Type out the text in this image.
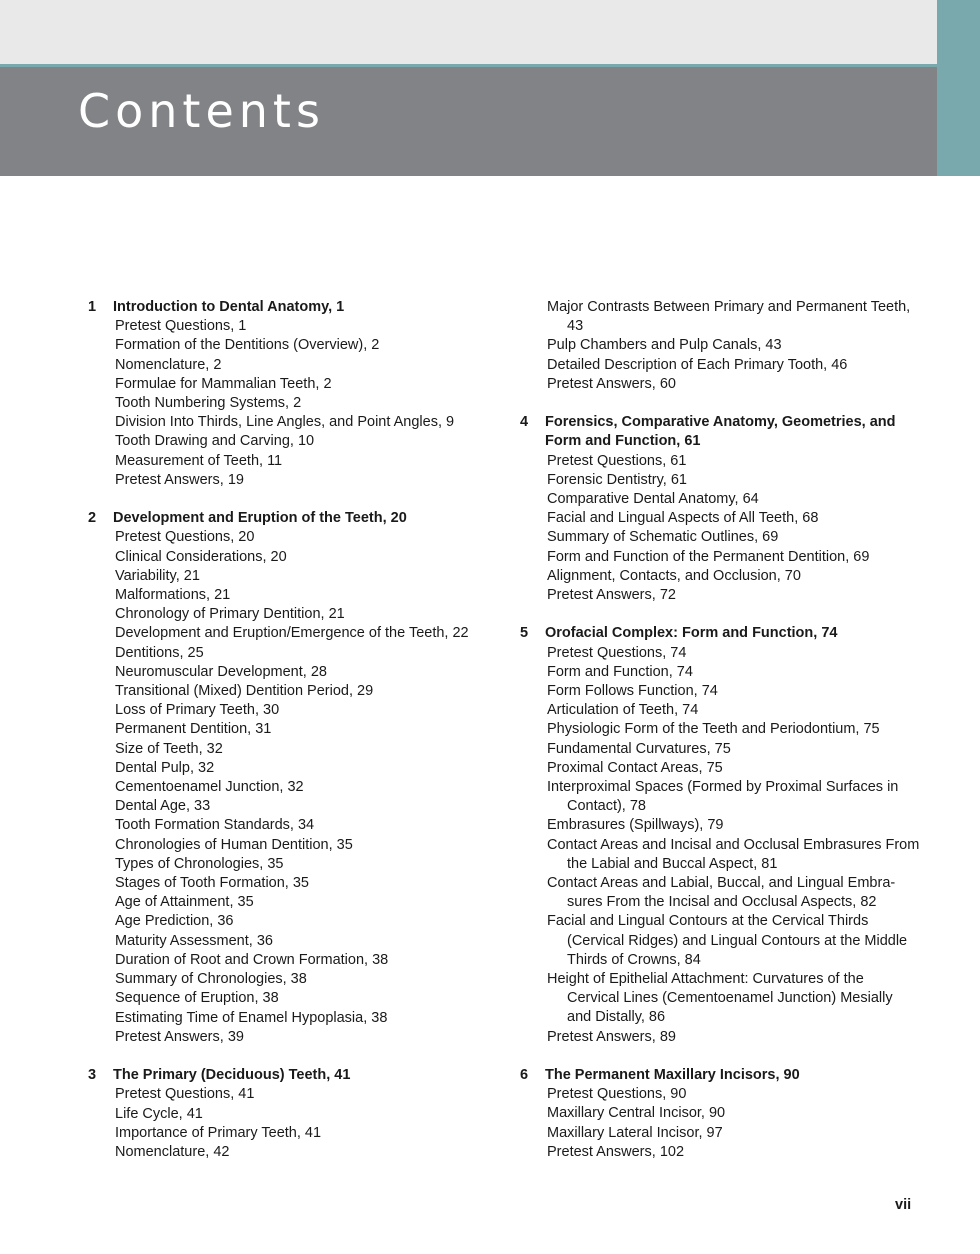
Contents
1	Introduction to Dental Anatomy, 1
Pretest Questions, 1
Formation of the Dentitions (Overview), 2
Nomenclature, 2
Formulae for Mammalian Teeth, 2
Tooth Numbering Systems, 2
Division Into Thirds, Line Angles, and Point Angles, 9
Tooth Drawing and Carving, 10
Measurement of Teeth, 11
Pretest Answers, 19
2	Development and Eruption of the Teeth, 20
Pretest Questions, 20
Clinical Considerations, 20
Variability, 21
Malformations, 21
Chronology of Primary Dentition, 21
Development and Eruption/Emergence of the Teeth, 22
Dentitions, 25
Neuromuscular Development, 28
Transitional (Mixed) Dentition Period, 29
Loss of Primary Teeth, 30
Permanent Dentition, 31
Size of Teeth, 32
Dental Pulp, 32
Cementoenamel Junction, 32
Dental Age, 33
Tooth Formation Standards, 34
Chronologies of Human Dentition, 35
Types of Chronologies, 35
Stages of Tooth Formation, 35
Age of Attainment, 35
Age Prediction, 36
Maturity Assessment, 36
Duration of Root and Crown Formation, 38
Summary of Chronologies, 38
Sequence of Eruption, 38
Estimating Time of Enamel Hypoplasia, 38
Pretest Answers, 39
3	The Primary (Deciduous) Teeth, 41
Pretest Questions, 41
Life Cycle, 41
Importance of Primary Teeth, 41
Nomenclature, 42
Major Contrasts Between Primary and Permanent Teeth, 43
Pulp Chambers and Pulp Canals, 43
Detailed Description of Each Primary Tooth, 46
Pretest Answers, 60
4	Forensics, Comparative Anatomy, Geometries, and Form and Function, 61
Pretest Questions, 61
Forensic Dentistry, 61
Comparative Dental Anatomy, 64
Facial and Lingual Aspects of All Teeth, 68
Summary of Schematic Outlines, 69
Form and Function of the Permanent Dentition, 69
Alignment, Contacts, and Occlusion, 70
Pretest Answers, 72
5	Orofacial Complex: Form and Function, 74
Pretest Questions, 74
Form and Function, 74
Form Follows Function, 74
Articulation of Teeth, 74
Physiologic Form of the Teeth and Periodontium, 75
Fundamental Curvatures, 75
Proximal Contact Areas, 75
Interproximal Spaces (Formed by Proximal Surfaces in Contact), 78
Embrasures (Spillways), 79
Contact Areas and Incisal and Occlusal Embrasures From the Labial and Buccal Aspect, 81
Contact Areas and Labial, Buccal, and Lingual Embra-sures From the Incisal and Occlusal Aspects, 82
Facial and Lingual Contours at the Cervical Thirds (Cervical Ridges) and Lingual Contours at the Middle Thirds of Crowns, 84
Height of Epithelial Attachment: Curvatures of the Cervical Lines (Cementoenamel Junction) Mesially and Distally, 86
Pretest Answers, 89
6	The Permanent Maxillary Incisors, 90
Pretest Questions, 90
Maxillary Central Incisor, 90
Maxillary Lateral Incisor, 97
Pretest Answers, 102
vii
